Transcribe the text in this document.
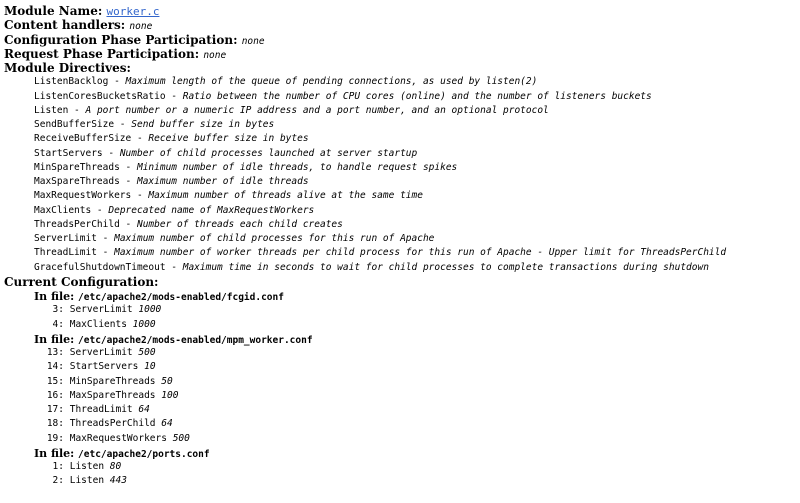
Module Name: worker.c
Content handlers: none
Configuration Phase Participation: none
Request Phase Participation: none
Module Directives:
ListenBacklog - Maximum length of the queue of pending connections, as used by listen(2)
ListenCoresBucketsRatio - Ratio between the number of CPU cores (online) and the number of listeners buckets
Listen - A port number or a numeric IP address and a port number, and an optional protocol
SendBufferSize - Send buffer size in bytes
ReceiveBufferSize - Receive buffer size in bytes
StartServers - Number of child processes launched at server startup
MinSpareThreads - Minimum number of idle threads, to handle request spikes
MaxSpareThreads - Maximum number of idle threads
MaxRequestWorkers - Maximum number of threads alive at the same time
MaxClients - Deprecated name of MaxRequestWorkers
ThreadsPerChild - Number of threads each child creates
ServerLimit - Maximum number of child processes for this run of Apache
ThreadLimit - Maximum number of worker threads per child process for this run of Apache - Upper limit for ThreadsPerChild
GracefulShutdownTimeout - Maximum time in seconds to wait for child processes to complete transactions during shutdown
Current Configuration:
In file: /etc/apache2/mods-enabled/fcgid.conf
3: ServerLimit 1000
4: MaxClients 1000
In file: /etc/apache2/mods-enabled/mpm_worker.conf
13: ServerLimit 500
14: StartServers 10
15: MinSpareThreads 50
16: MaxSpareThreads 100
17: ThreadLimit 64
18: ThreadsPerChild 64
19: MaxRequestWorkers 500
In file: /etc/apache2/ports.conf
1: Listen 80
2: Listen 443
